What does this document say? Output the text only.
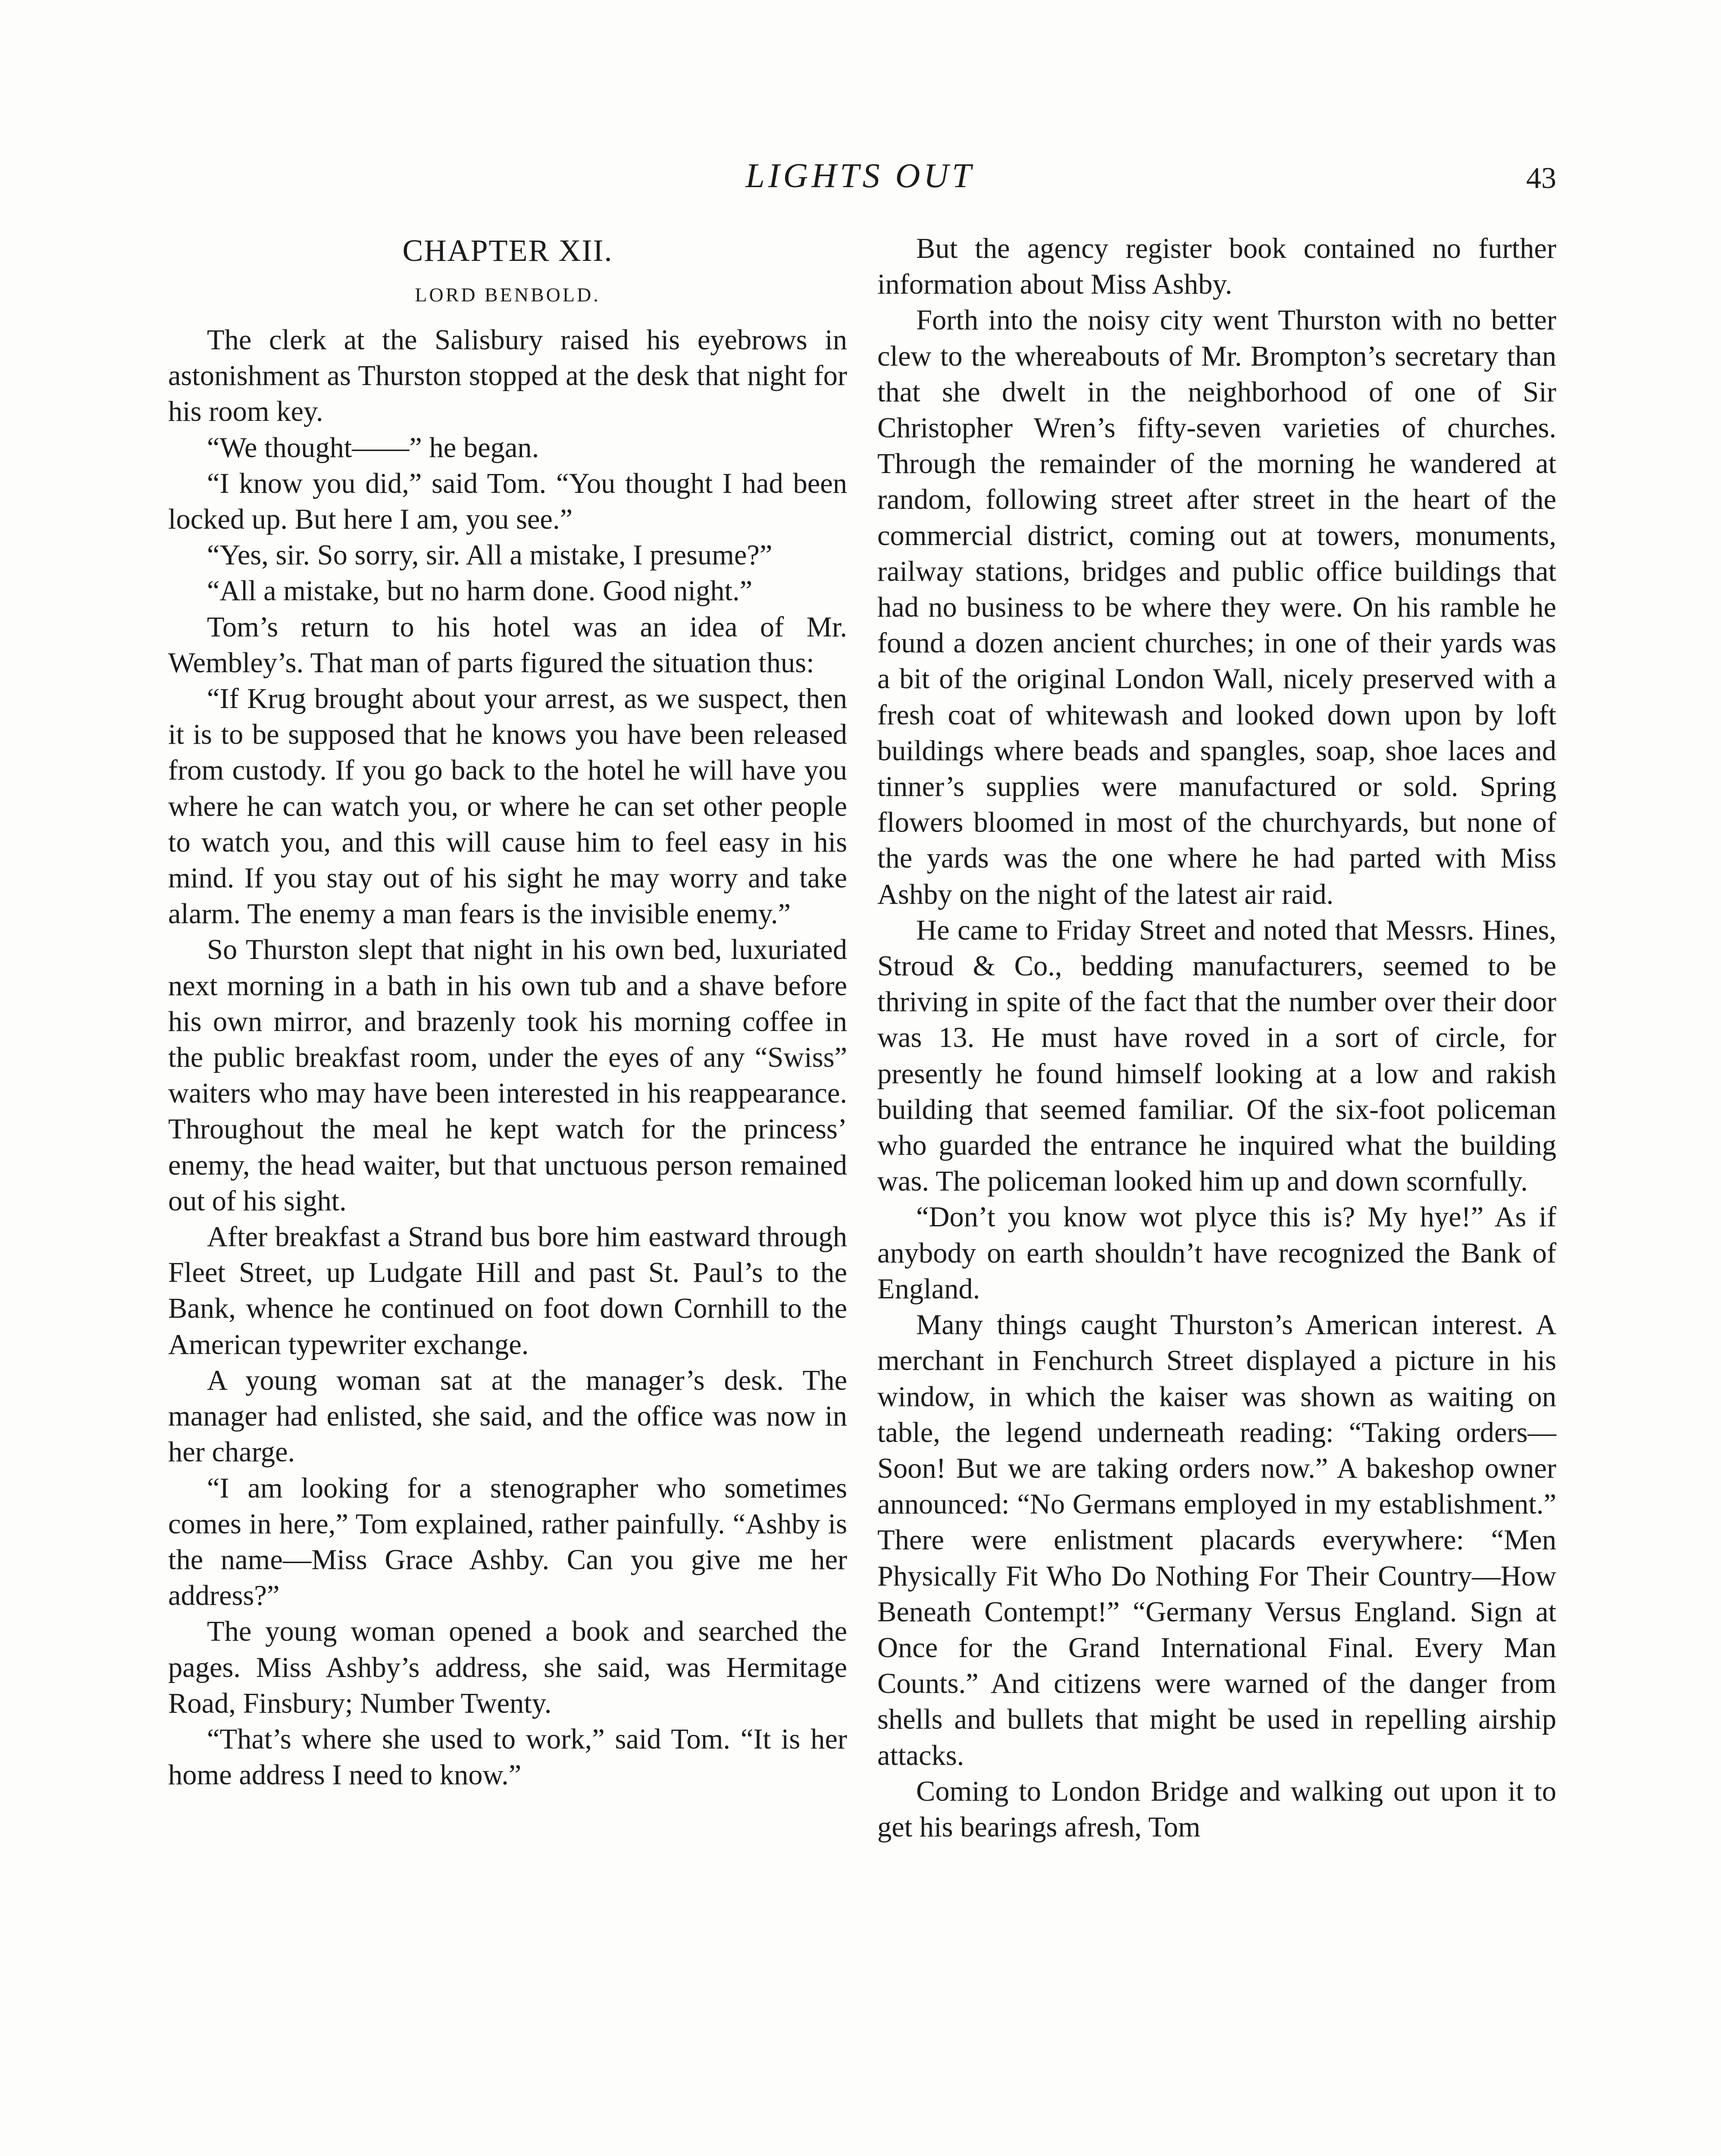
LIGHTS OUT	43
CHAPTER XII.
LORD BENBOLD.

The clerk at the Salisbury raised his eyebrows in astonishment as Thurston stopped at the desk that night for his room key.

“We thought——” he began.

“I know you did,” said Tom. “You thought I had been locked up. But here I am, you see.”

“Yes, sir. So sorry, sir. All a mistake, I presume?”

“All a mistake, but no harm done. Good night.”

Tom’s return to his hotel was an idea of Mr. Wembley’s. That man of parts figured the situation thus:

“If Krug brought about your arrest, as we suspect, then it is to be supposed that he knows you have been released from custody. If you go back to the hotel he will have you where he can watch you, or where he can set other people to watch you, and this will cause him to feel easy in his mind. If you stay out of his sight he may worry and take alarm. The enemy a man fears is the invisible enemy.”

So Thurston slept that night in his own bed, luxuriated next morning in a bath in his own tub and a shave before his own mirror, and brazenly took his morning coffee in the public breakfast room, under the eyes of any “Swiss” waiters who may have been interested in his reappearance. Throughout the meal he kept watch for the princess’ enemy, the head waiter, but that unctuous person remained out of his sight.

After breakfast a Strand bus bore him eastward through Fleet Street, up Ludgate Hill and past St. Paul’s to the Bank, whence he continued on foot down Cornhill to the American typewriter exchange.

A young woman sat at the manager’s desk. The manager had enlisted, she said, and the office was now in her charge.

“I am looking for a stenographer who sometimes comes in here,” Tom explained, rather painfully. “Ashby is the name—Miss Grace Ashby. Can you give me her address?”

The young woman opened a book and searched the pages. Miss Ashby’s address, she said, was Hermitage Road, Finsbury; Number Twenty.

“That’s where she used to work,” said Tom. “It is her home address I need to know.”

But the agency register book contained no further information about Miss Ashby.

Forth into the noisy city went Thurston with no better clew to the whereabouts of Mr. Brompton’s secretary than that she dwelt in the neighborhood of one of Sir Christopher Wren’s fifty-seven varieties of churches. Through the remainder of the morning he wandered at random, following street after street in the heart of the commercial district, coming out at towers, monuments, railway stations, bridges and public office buildings that had no business to be where they were. On his ramble he found a dozen ancient churches; in one of their yards was a bit of the original London Wall, nicely preserved with a fresh coat of whitewash and looked down upon by loft buildings where beads and spangles, soap, shoe laces and tinner’s supplies were manufactured or sold. Spring flowers bloomed in most of the churchyards, but none of the yards was the one where he had parted with Miss Ashby on the night of the latest air raid.

He came to Friday Street and noted that Messrs. Hines, Stroud & Co., bedding manufacturers, seemed to be thriving in spite of the fact that the number over their door was 13. He must have roved in a sort of circle, for presently he found himself looking at a low and rakish building that seemed familiar. Of the six-foot policeman who guarded the entrance he inquired what the building was. The policeman looked him up and down scornfully.

“Don’t you know wot plyce this is? My hye!” As if anybody on earth shouldn’t have recognized the Bank of England.

Many things caught Thurston’s American interest. A merchant in Fenchurch Street displayed a picture in his window, in which the kaiser was shown as waiting on table, the legend underneath reading: “Taking orders—Soon! But we are taking orders now.” A bakeshop owner announced: “No Germans employed in my establishment.” There were enlistment placards everywhere: “Men Physically Fit Who Do Nothing For Their Country—How Beneath Contempt!” “Germany Versus England. Sign at Once for the Grand International Final. Every Man Counts.” And citizens were warned of the danger from shells and bullets that might be used in repelling airship attacks.

Coming to London Bridge and walking out upon it to get his bearings afresh, Tom
